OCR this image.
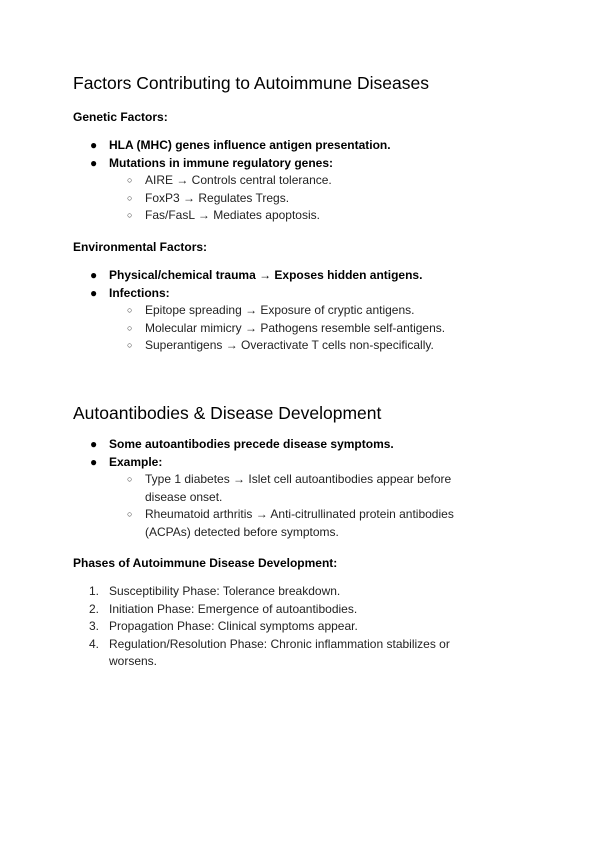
Factors Contributing to Autoimmune Diseases
Genetic Factors:
● HLA (MHC) genes influence antigen presentation.
● Mutations in immune regulatory genes:
○ AIRE → Controls central tolerance.
○ FoxP3 → Regulates Tregs.
○ Fas/FasL → Mediates apoptosis.
Environmental Factors:
● Physical/chemical trauma → Exposes hidden antigens.
● Infections:
○ Epitope spreading → Exposure of cryptic antigens.
○ Molecular mimicry → Pathogens resemble self-antigens.
○ Superantigens → Overactivate T cells non-specifically.
Autoantibodies & Disease Development
● Some autoantibodies precede disease symptoms.
● Example:
○ Type 1 diabetes → Islet cell autoantibodies appear before disease onset.
○ Rheumatoid arthritis → Anti-citrullinated protein antibodies (ACPAs) detected before symptoms.
Phases of Autoimmune Disease Development:
1. Susceptibility Phase: Tolerance breakdown.
2. Initiation Phase: Emergence of autoantibodies.
3. Propagation Phase: Clinical symptoms appear.
4. Regulation/Resolution Phase: Chronic inflammation stabilizes or worsens.
